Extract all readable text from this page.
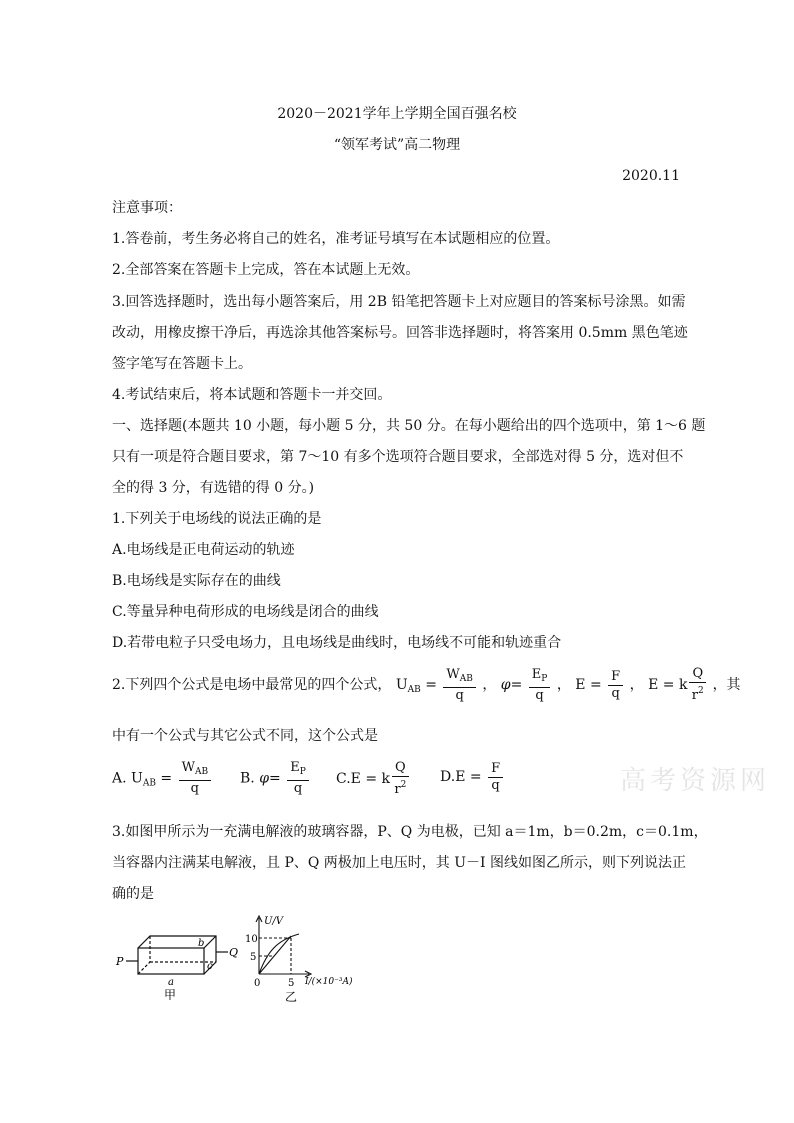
2020－2021学年上学期全国百强名校
“领军考试”高二物理
2020.11
注意事项：
1.答卷前，考生务必将自己的姓名，准考证号填写在本试题相应的位置。
2.全部答案在答题卡上完成，答在本试题上无效。
3.回答选择题时，选出每小题答案后，用 2B 铅笔把答题卡上对应题目的答案标号涂黑。如需
改动，用橡皮擦干净后，再选涂其他答案标号。回答非选择题时，将答案用 0.5mm 黑色笔迹
签字笔写在答题卡上。
4.考试结束后，将本试题和答题卡一并交回。
一、选择题(本题共 10 小题，每小题 5 分，共 50 分。在每小题给出的四个选项中，第 1～6 题
只有一项是符合题目要求，第 7～10 有多个选项符合题目要求，全部选对得 5 分，选对但不
全的得 3 分，有选错的得 0 分。)
1.下列关于电场线的说法正确的是
A.电场线是正电荷运动的轨迹
B.电场线是实际存在的曲线
C.等量异种电荷形成的电场线是闭合的曲线
D.若带电粒子只受电场力，且电场线是曲线时，电场线不可能和轨迹重合
2.下列四个公式是电场中最常见的四个公式， $U_{AB} = \frac{W_{AB}}{q}$ ， $\varphi= \frac{E_P}{q}$ ， $E = \frac{F}{q}$ ， E = k $\frac{Q}{r^2}$ ，其
中有一个公式与其它公式不同，这个公式是
A. $U_{AB} = \frac{W_{AB}}{q} B$. $\varphi= \frac{E_P}{q} C.E = k \frac{Q}{r^2} D.E = \frac{F}{q}$	高考资源网
3.如图甲所示为一充满电解液的玻璃容器，P、Q 为电极，已知 a＝1m，b＝0.2m，c＝0.1m，
当容器内注满某电解液，且 P、Q 两极加上电压时，其 U－I 图线如图乙所示，则下列说法正
确的是
P
Q
b
c
a
甲
U/V
10
5
0	5 I/(×10⁻³A)
乙
